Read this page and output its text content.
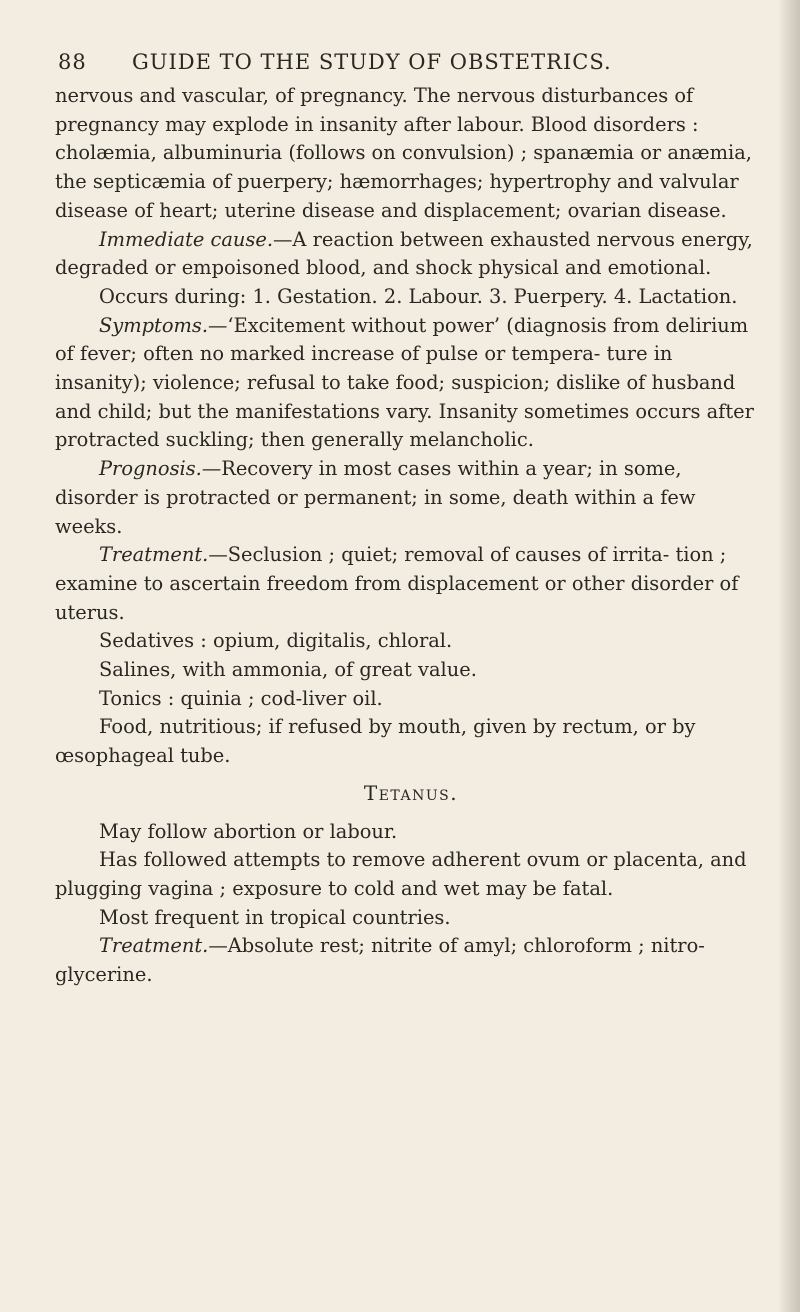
88 GUIDE TO THE STUDY OF OBSTETRICS.

nervous and vascular, of pregnancy. The nervous disturbances of pregnancy may explode in insanity after labour. Blood disorders : cholæmia, albuminuria (follows on convulsion) ; spanæmia or anæmia, the septicæmia of puerpery; hæmorrhages; hypertrophy and valvular disease of heart; uterine disease and displacement; ovarian disease.

Immediate cause.—A reaction between exhausted nervous energy, degraded or empoisoned blood, and shock physical and emotional.

Occurs during: 1. Gestation. 2. Labour. 3. Puerpery. 4. Lactation.

Symptoms.—‘Excitement without power’ (diagnosis from delirium of fever; often no marked increase of pulse or tempera- ture in insanity); violence; refusal to take food; suspicion; dislike of husband and child; but the manifestations vary. Insanity sometimes occurs after protracted suckling; then generally melancholic.

Prognosis.—Recovery in most cases within a year; in some, disorder is protracted or permanent; in some, death within a few weeks.

Treatment.—Seclusion ; quiet; removal of causes of irrita- tion ; examine to ascertain freedom from displacement or other disorder of uterus.

Sedatives : opium, digitalis, chloral.

Salines, with ammonia, of great value.

Tonics : quinia ; cod-liver oil.

Food, nutritious; if refused by mouth, given by rectum, or by œsophageal tube.

Tetanus.

May follow abortion or labour.

Has followed attempts to remove adherent ovum or placenta, and plugging vagina ; exposure to cold and wet may be fatal.

Most frequent in tropical countries.

Treatment.—Absolute rest; nitrite of amyl; chloroform ; nitro-glycerine.
